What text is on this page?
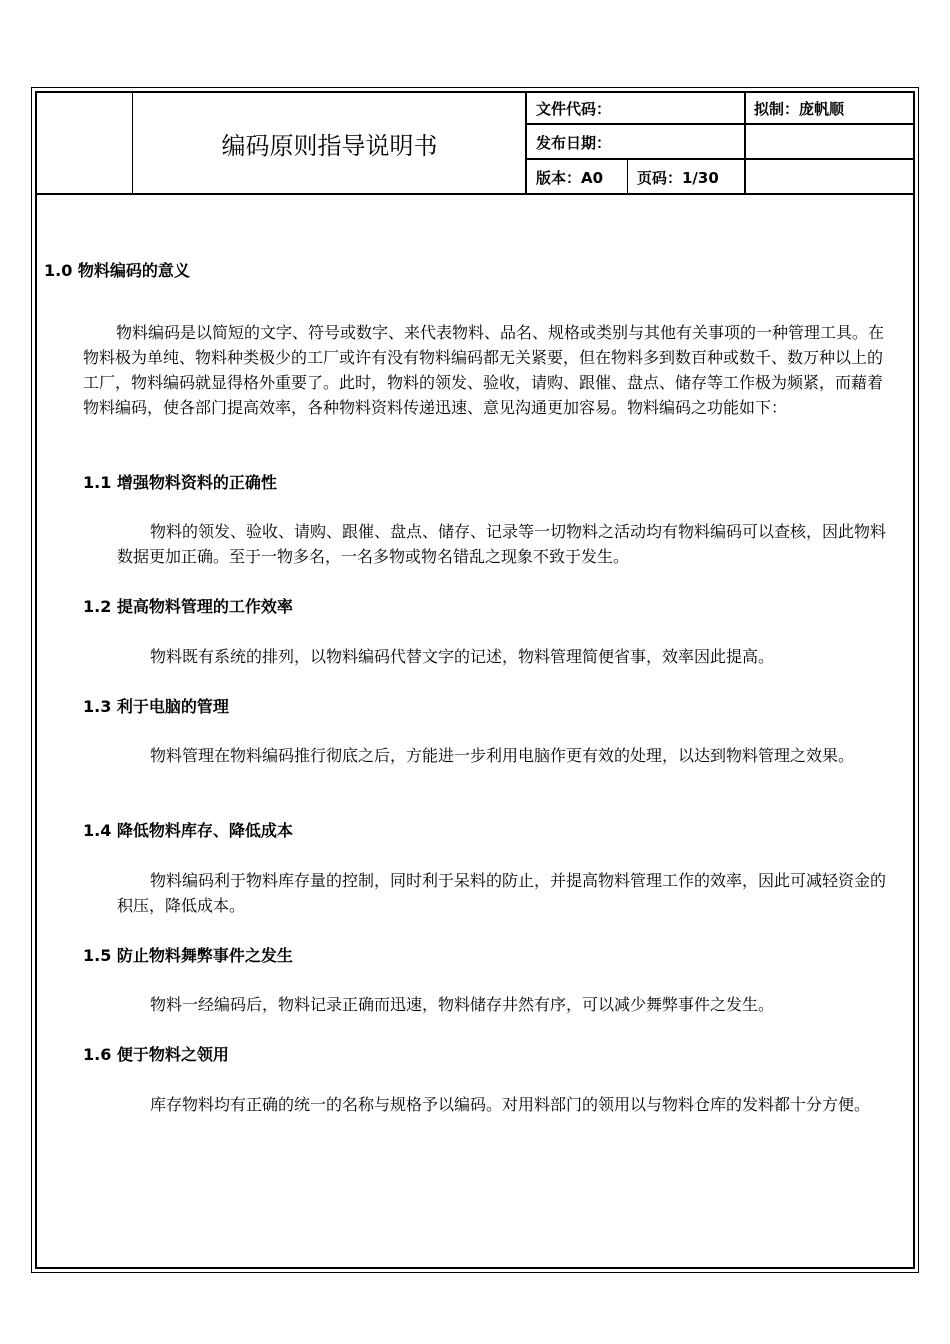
编码原则指导说明书
文件代码：	拟制：庞帆顺
发布日期：
版本：A0 页码：1/30
1.0 物料编码的意义
物料编码是以简短的文字、符号或数字、来代表物料、品名、规格或类别与其他有关事项的一种管理工具。在物料极为单纯、物料种类极少的工厂或许有没有物料编码都无关紧要，但在物料多到数百种或数千、数万种以上的工厂，物料编码就显得格外重要了。此时，物料的领发、验收，请购、跟催、盘点、储存等工作极为频紧，而藉着物料编码，使各部门提高效率，各种物料资料传递迅速、意见沟通更加容易。物料编码之功能如下：
1.1 增强物料资料的正确性
物料的领发、验收、请购、跟催、盘点、储存、记录等一切物料之活动均有物料编码可以查核，因此物料数据更加正确。至于一物多名，一名多物或物名错乱之现象不致于发生。
1.2 提高物料管理的工作效率
物料既有系统的排列，以物料编码代替文字的记述，物料管理简便省事，效率因此提高。
1.3 利于电脑的管理
物料管理在物料编码推行彻底之后，方能进一步利用电脑作更有效的处理，以达到物料管理之效果。
1.4 降低物料库存、降低成本
物料编码利于物料库存量的控制，同时利于呆料的防止，并提高物料管理工作的效率，因此可减轻资金的积压，降低成本。
1.5 防止物料舞弊事件之发生
物料一经编码后，物料记录正确而迅速，物料储存井然有序，可以减少舞弊事件之发生。
1.6 便于物料之领用
库存物料均有正确的统一的名称与规格予以编码。对用料部门的领用以与物料仓库的发料都十分方便。
